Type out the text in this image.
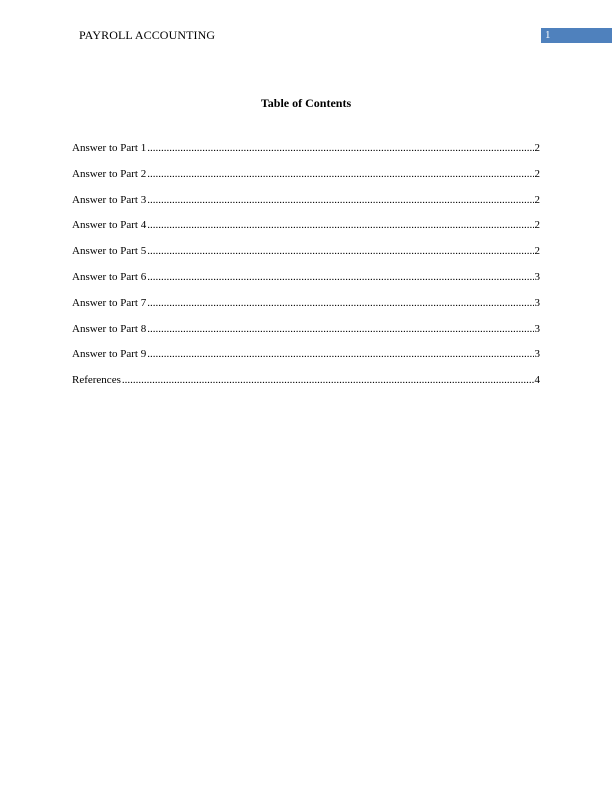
PAYROLL ACCOUNTING	1
Table of Contents
Answer to Part 1 .....	2
Answer to Part 2 .....	2
Answer to Part 3 .....	2
Answer to Part 4 .....	2
Answer to Part 5 .....	2
Answer to Part 6 .....	3
Answer to Part 7 .....	3
Answer to Part 8 .....	3
Answer to Part 9 .....	3
References .....	4
